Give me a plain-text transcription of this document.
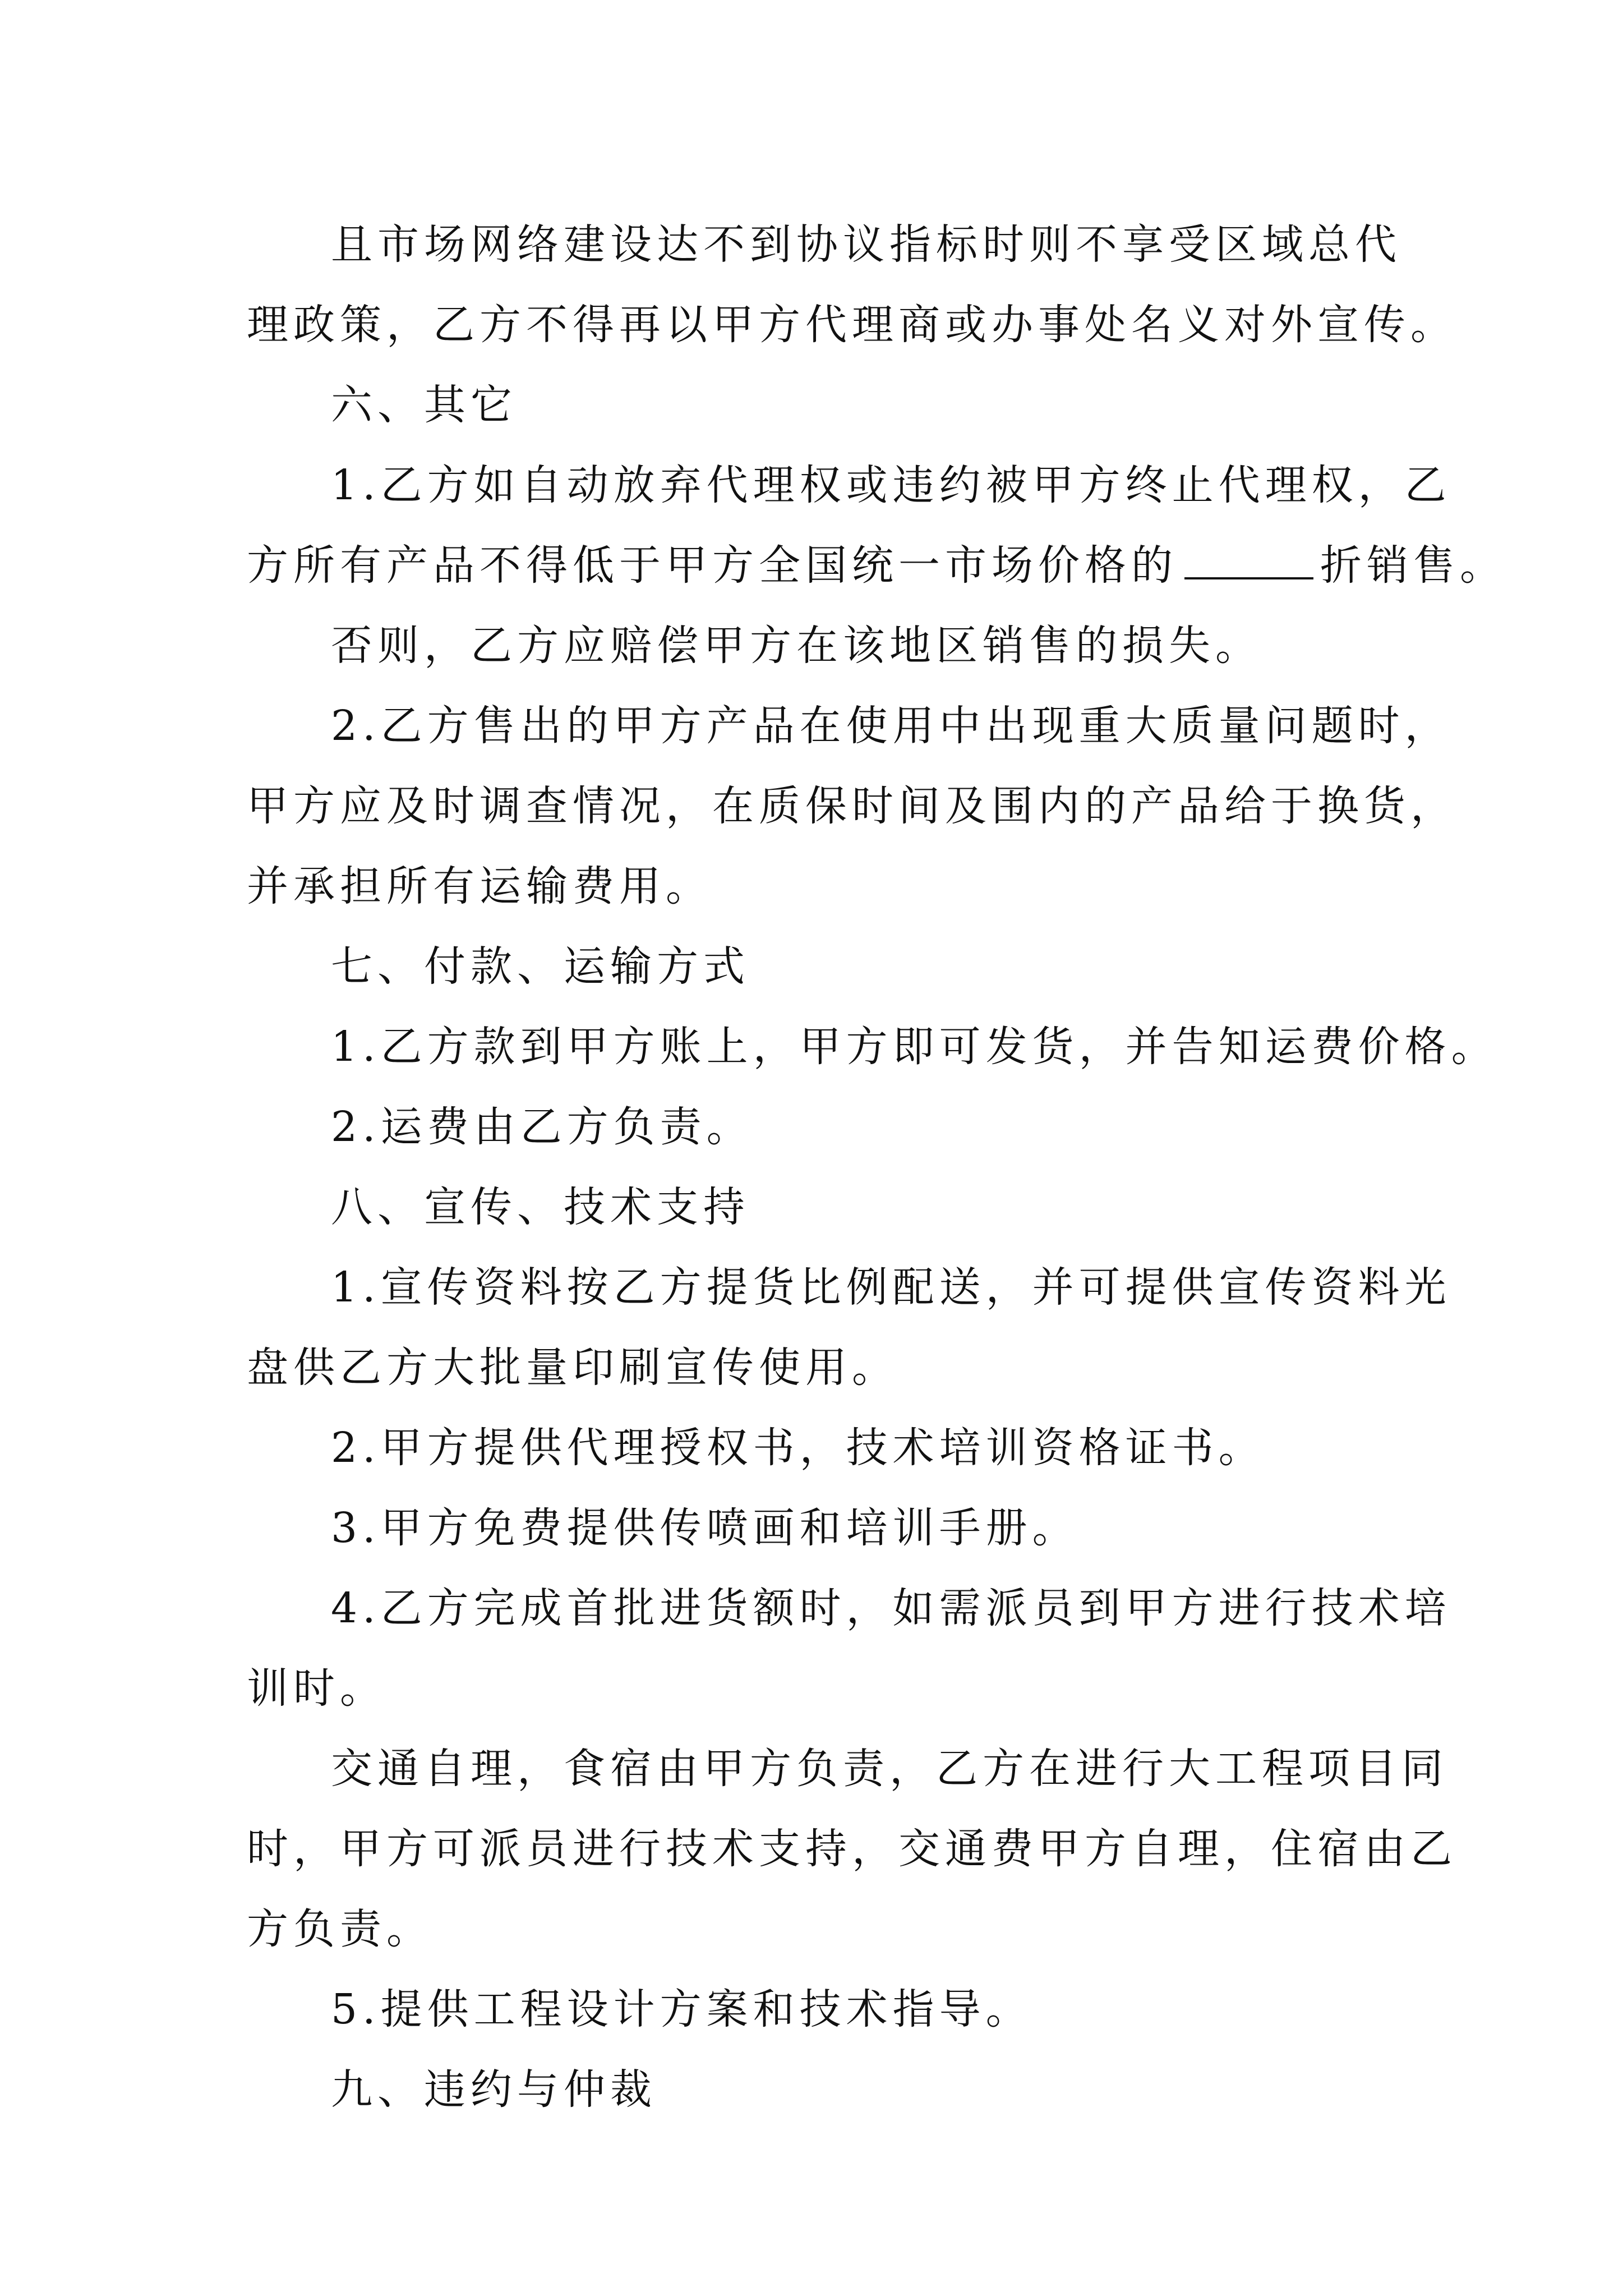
且市场网络建设达不到协议指标时则不享受区域总代

理政策，乙方不得再以甲方代理商或办事处名义对外宣传。

六、其它

1.乙方如自动放弃代理权或违约被甲方终止代理权，乙

方所有产品不得低于甲方全国统一市场价格的	折销售。

否则，乙方应赔偿甲方在该地区销售的损失。

2.乙方售出的甲方产品在使用中出现重大质量问题时，

甲方应及时调查情况，在质保时间及围内的产品给于换货，

并承担所有运输费用。

七、付款、运输方式

1.乙方款到甲方账上，甲方即可发货，并告知运费价格。

2.运费由乙方负责。

八、宣传、技术支持

1.宣传资料按乙方提货比例配送，并可提供宣传资料光

盘供乙方大批量印刷宣传使用。

2.甲方提供代理授权书，技术培训资格证书。

3.甲方免费提供传喷画和培训手册。

4.乙方完成首批进货额时，如需派员到甲方进行技术培

训时。

交通自理，食宿由甲方负责，乙方在进行大工程项目同

时，甲方可派员进行技术支持，交通费甲方自理，住宿由乙

方负责。

5.提供工程设计方案和技术指导。

九、违约与仲裁
